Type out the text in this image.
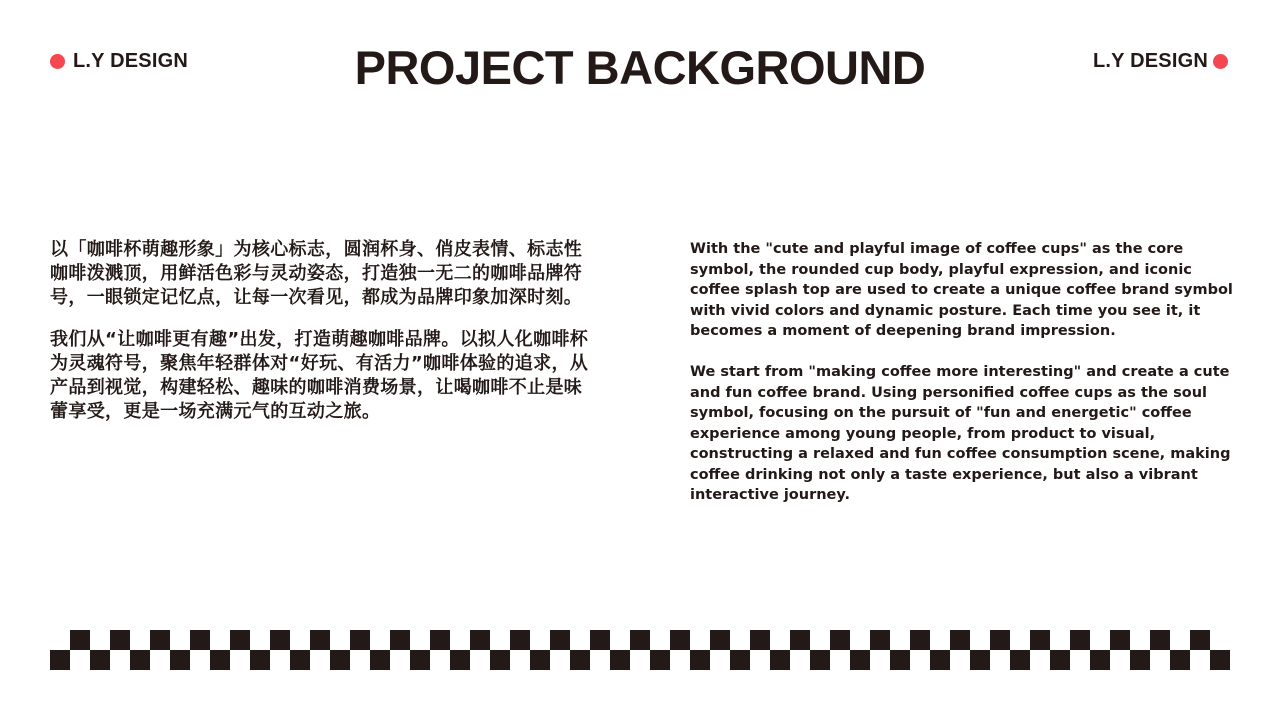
L.Y DESIGN	PROJECT BACKGROUND	L.Y DESIGN

以「咖啡杯萌趣形象」为核心标志，圆润杯身、俏皮表情、标志性咖啡泼溅顶，用鲜活色彩与灵动姿态，打造独一无二的咖啡品牌符号，一眼锁定记忆点，让每一次看见，都成为品牌印象加深时刻。

我们从“让咖啡更有趣”出发，打造萌趣咖啡品牌。以拟人化咖啡杯为灵魂符号，聚焦年轻群体对“好玩、有活力”咖啡体验的追求，从产品到视觉，构建轻松、趣味的咖啡消费场景，让喝咖啡不止是味蕾享受，更是一场充满元气的互动之旅。

With the "cute and playful image of coffee cups" as the core symbol, the rounded cup body, playful expression, and iconic coffee splash top are used to create a unique coffee brand symbol with vivid colors and dynamic posture. Each time you see it, it becomes a moment of deepening brand impression.

We start from "making coffee more interesting" and create a cute and fun coffee brand. Using personified coffee cups as the soul symbol, focusing on the pursuit of "fun and energetic" coffee experience among young people, from product to visual, constructing a relaxed and fun coffee consumption scene, making coffee drinking not only a taste experience, but also a vibrant interactive journey.
